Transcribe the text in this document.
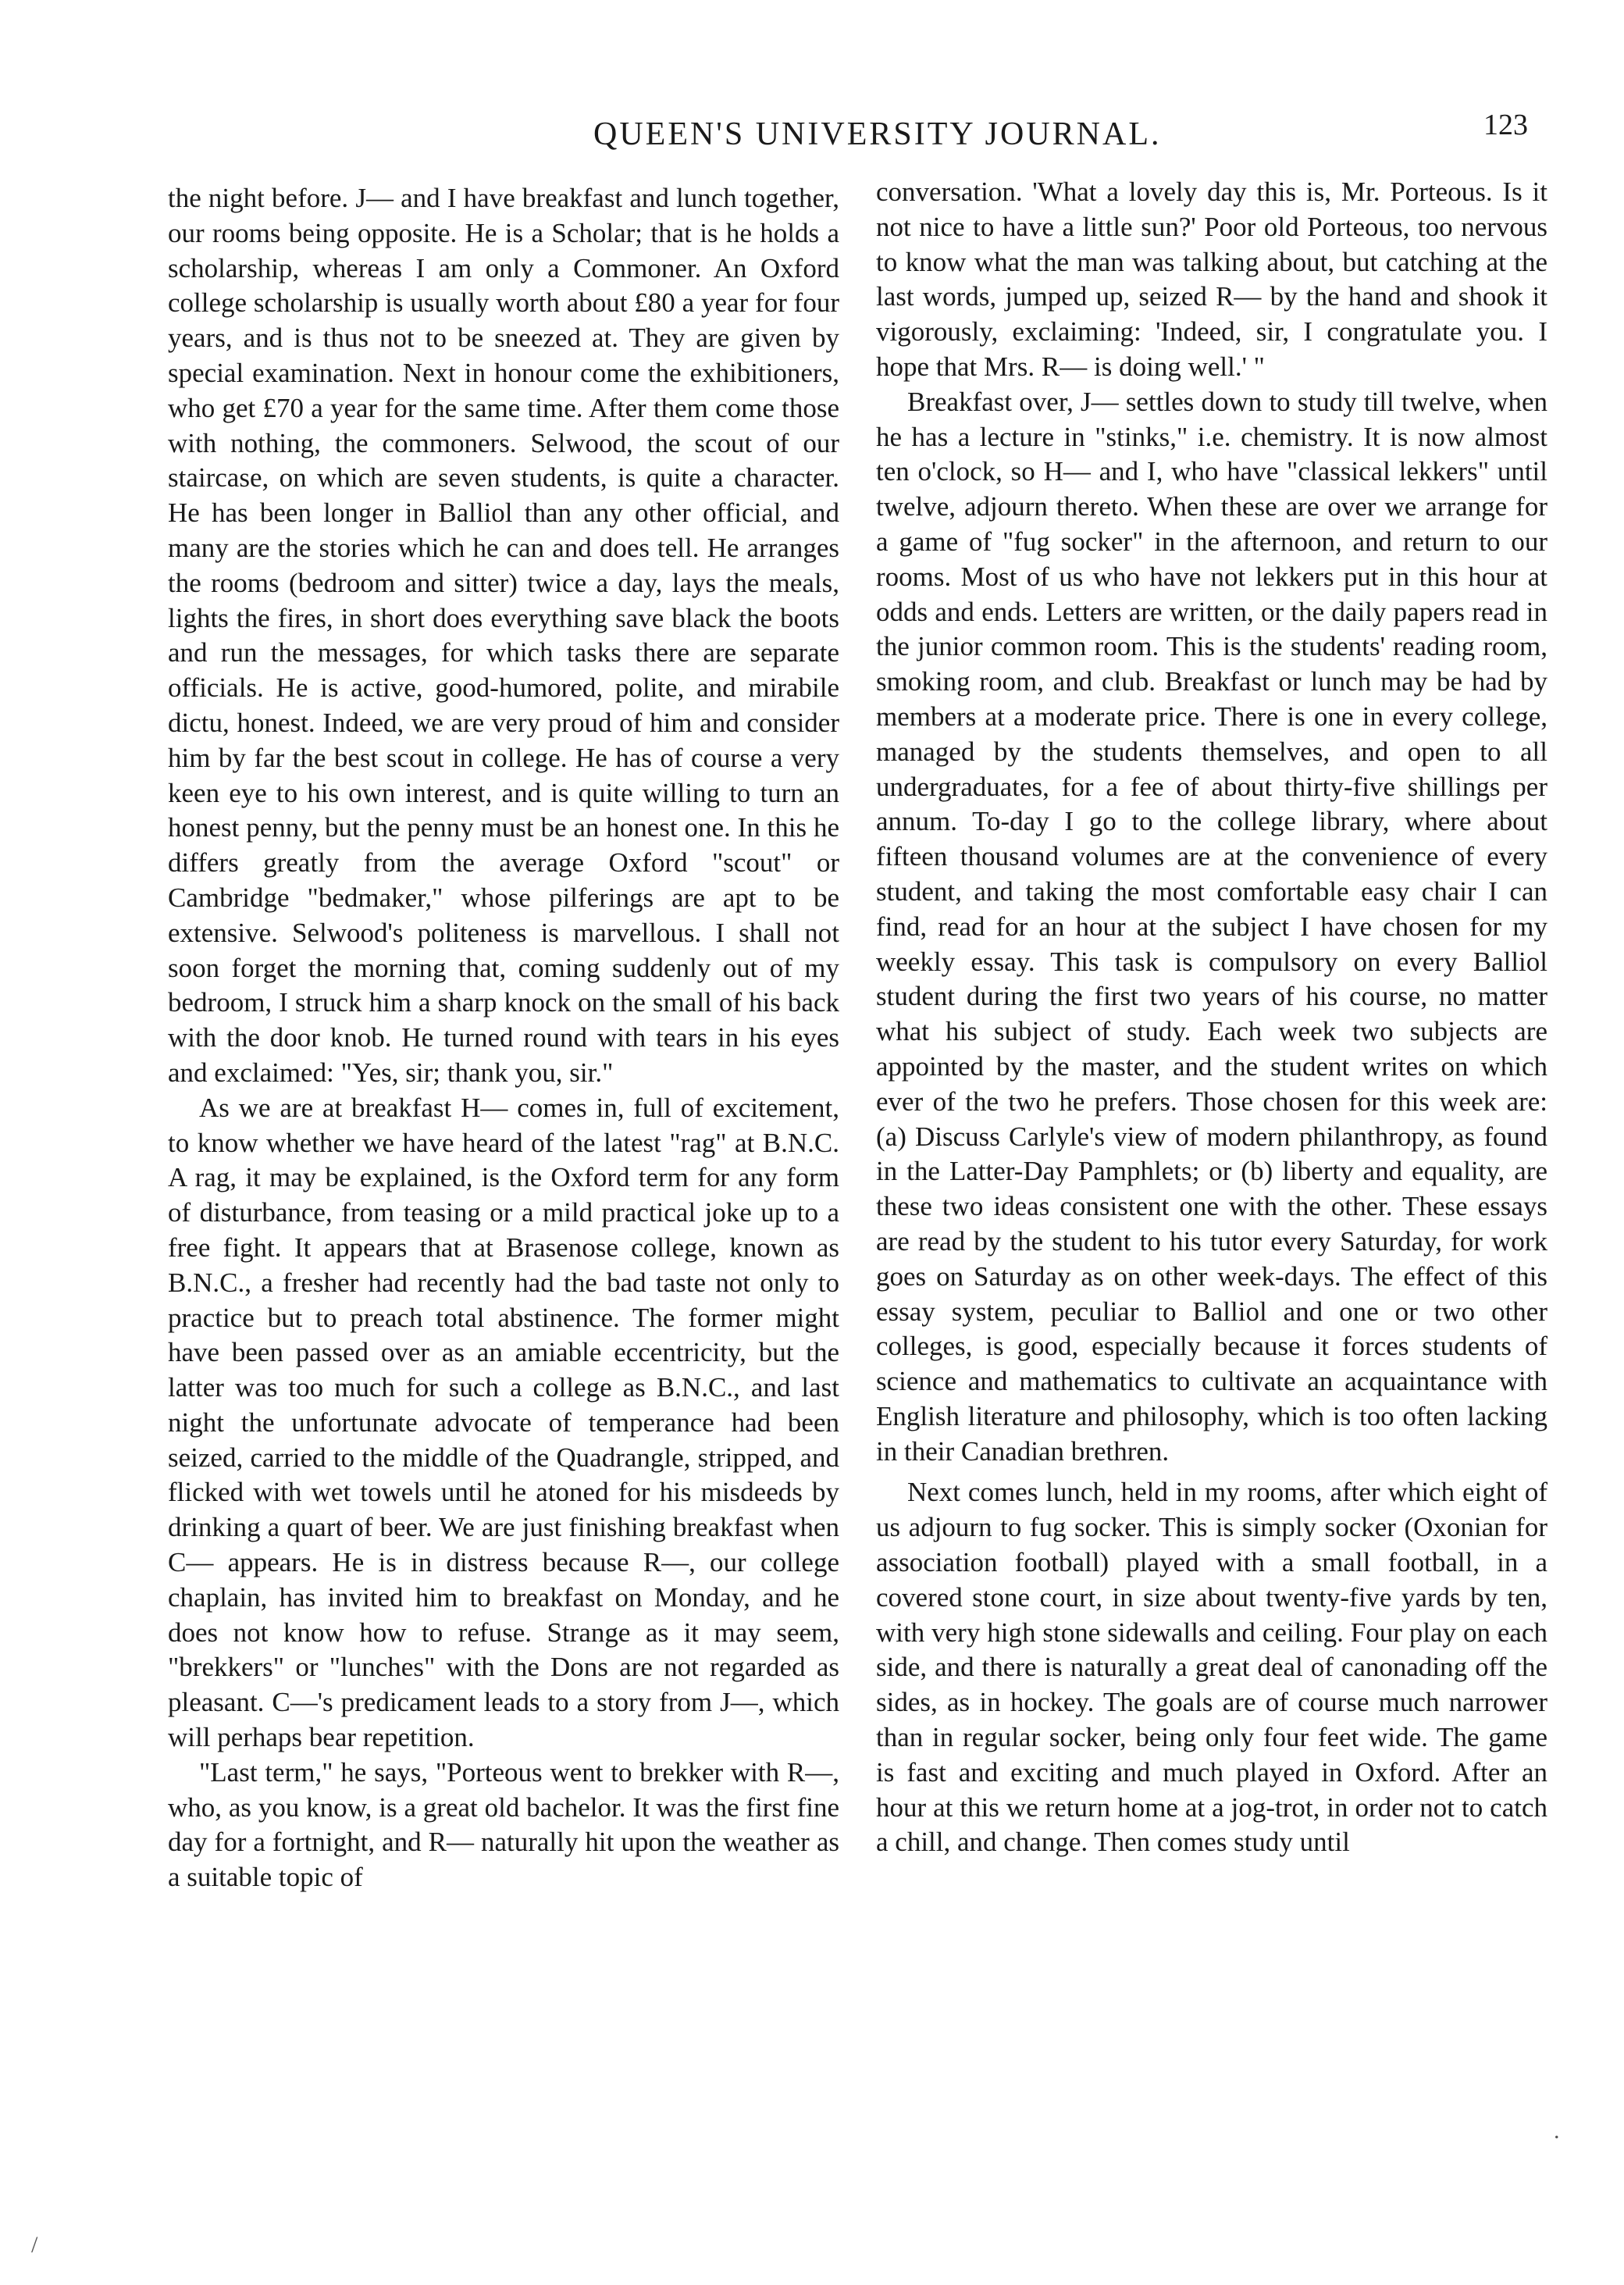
QUEEN'S UNIVERSITY JOURNAL.	123

the night before. J— and I have breakfast and lunch together, our rooms being opposite. He is a Scholar; that is he holds a scholarship, whereas I am only a Commoner. An Oxford college scholarship is usually worth about £80 a year for four years, and is thus not to be sneezed at. They are given by special examination. Next in honour come the exhibitioners, who get £70 a year for the same time. After them come those with nothing, the commoners. Selwood, the scout of our staircase, on which are seven students, is quite a character. He has been longer in Balliol than any other official, and many are the stories which he can and does tell. He arranges the rooms (bedroom and sitter) twice a day, lays the meals, lights the fires, in short does everything save black the boots and run the messages, for which tasks there are separate officials. He is active, good-humored, polite, and mirabile dictu, honest. Indeed, we are very proud of him and consider him by far the best scout in college. He has of course a very keen eye to his own interest, and is quite willing to turn an honest penny, but the penny must be an honest one. In this he differs greatly from the average Oxford "scout" or Cambridge "bedmaker," whose pilferings are apt to be extensive. Selwood's politeness is marvellous. I shall not soon forget the morning that, coming suddenly out of my bedroom, I struck him a sharp knock on the small of his back with the door knob. He turned round with tears in his eyes and exclaimed: "Yes, sir; thank you, sir."

As we are at breakfast H— comes in, full of excitement, to know whether we have heard of the latest "rag" at B.N.C. A rag, it may be explained, is the Oxford term for any form of disturbance, from teasing or a mild practical joke up to a free fight. It appears that at Brasenose college, known as B.N.C., a fresher had recently had the bad taste not only to practice but to preach total abstinence. The former might have been passed over as an amiable eccentricity, but the latter was too much for such a college as B.N.C., and last night the unfortunate advocate of temperance had been seized, carried to the middle of the Quadrangle, stripped, and flicked with wet towels until he atoned for his misdeeds by drinking a quart of beer. We are just finishing breakfast when C— appears. He is in distress because R—, our college chaplain, has invited him to breakfast on Monday, and he does not know how to refuse. Strange as it may seem, "brekkers" or "lunches" with the Dons are not regarded as pleasant. C—'s predicament leads to a story from J—, which will perhaps bear repetition.

"Last term," he says, "Porteous went to brekker with R—, who, as you know, is a great old bachelor. It was the first fine day for a fortnight, and R— naturally hit upon the weather as a suitable topic of

conversation. 'What a lovely day this is, Mr. Porteous. Is it not nice to have a little sun?' Poor old Porteous, too nervous to know what the man was talking about, but catching at the last words, jumped up, seized R— by the hand and shook it vigorously, exclaiming: 'Indeed, sir, I congratulate you. I hope that Mrs. R— is doing well.' "

Breakfast over, J— settles down to study till twelve, when he has a lecture in "stinks," i.e. chemistry. It is now almost ten o'clock, so H— and I, who have "classical lekkers" until twelve, adjourn thereto. When these are over we arrange for a game of "fug socker" in the afternoon, and return to our rooms. Most of us who have not lekkers put in this hour at odds and ends. Letters are written, or the daily papers read in the junior common room. This is the students' reading room, smoking room, and club. Breakfast or lunch may be had by members at a moderate price. There is one in every college, managed by the students themselves, and open to all undergraduates, for a fee of about thirty-five shillings per annum. To-day I go to the college library, where about fifteen thousand volumes are at the convenience of every student, and taking the most comfortable easy chair I can find, read for an hour at the subject I have chosen for my weekly essay. This task is compulsory on every Balliol student during the first two years of his course, no matter what his subject of study. Each week two subjects are appointed by the master, and the student writes on which ever of the two he prefers. Those chosen for this week are: (a) Discuss Carlyle's view of modern philanthropy, as found in the Latter-Day Pamphlets; or (b) liberty and equality, are these two ideas consistent one with the other. These essays are read by the student to his tutor every Saturday, for work goes on Saturday as on other week-days. The effect of this essay system, peculiar to Balliol and one or two other colleges, is good, especially because it forces students of science and mathematics to cultivate an acquaintance with English literature and philosophy, which is too often lacking in their Canadian brethren.

Next comes lunch, held in my rooms, after which eight of us adjourn to fug socker. This is simply socker (Oxonian for association football) played with a small football, in a covered stone court, in size about twenty-five yards by ten, with very high stone sidewalls and ceiling. Four play on each side, and there is naturally a great deal of canonading off the sides, as in hockey. The goals are of course much narrower than in regular socker, being only four feet wide. The game is fast and exciting and much played in Oxford. After an hour at this we return home at a jog-trot, in order not to catch a chill, and change. Then comes study until

/
.
